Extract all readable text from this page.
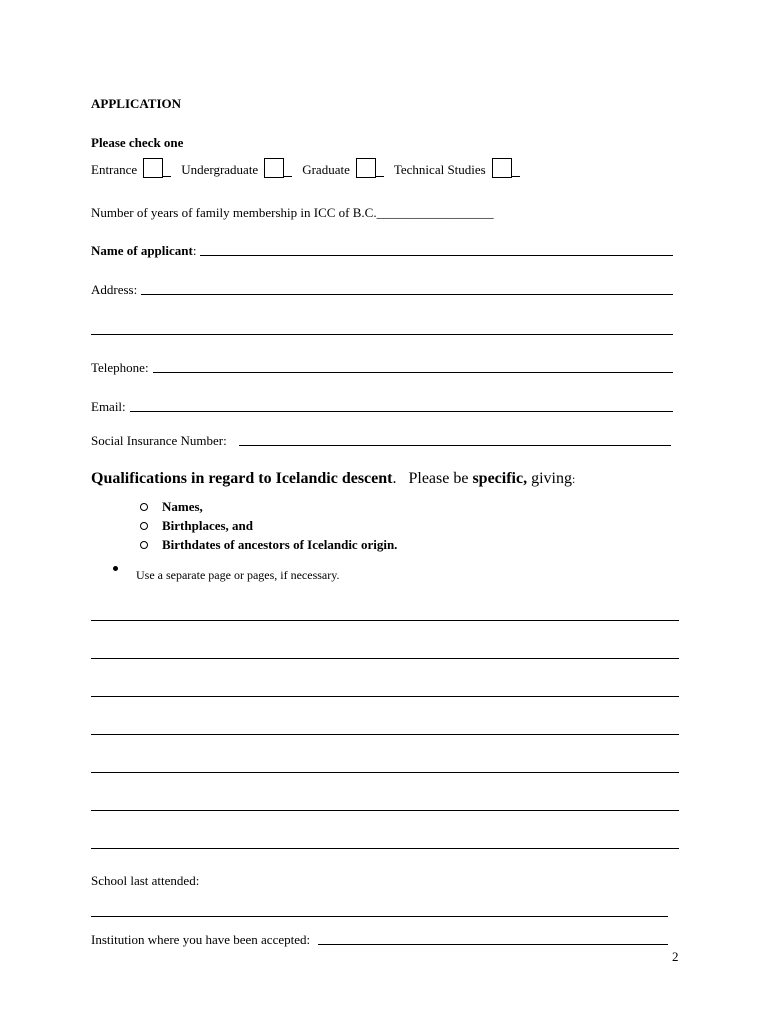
APPLICATION
Please check one
Entrance	Undergraduate	Graduate	Technical Studies
Number of years of family membership in ICC of B.C.__________________
Name of applicant :
Address:
Telephone:
Email:
Social Insurance Number:
Qualifications in regard to Icelandic descent. Please be specific, giving:
Names,
Birthplaces, and
Birthdates of ancestors of Icelandic origin.
Use a separate page or pages, if necessary.
School last attended:
Institution where you have been accepted:
2
